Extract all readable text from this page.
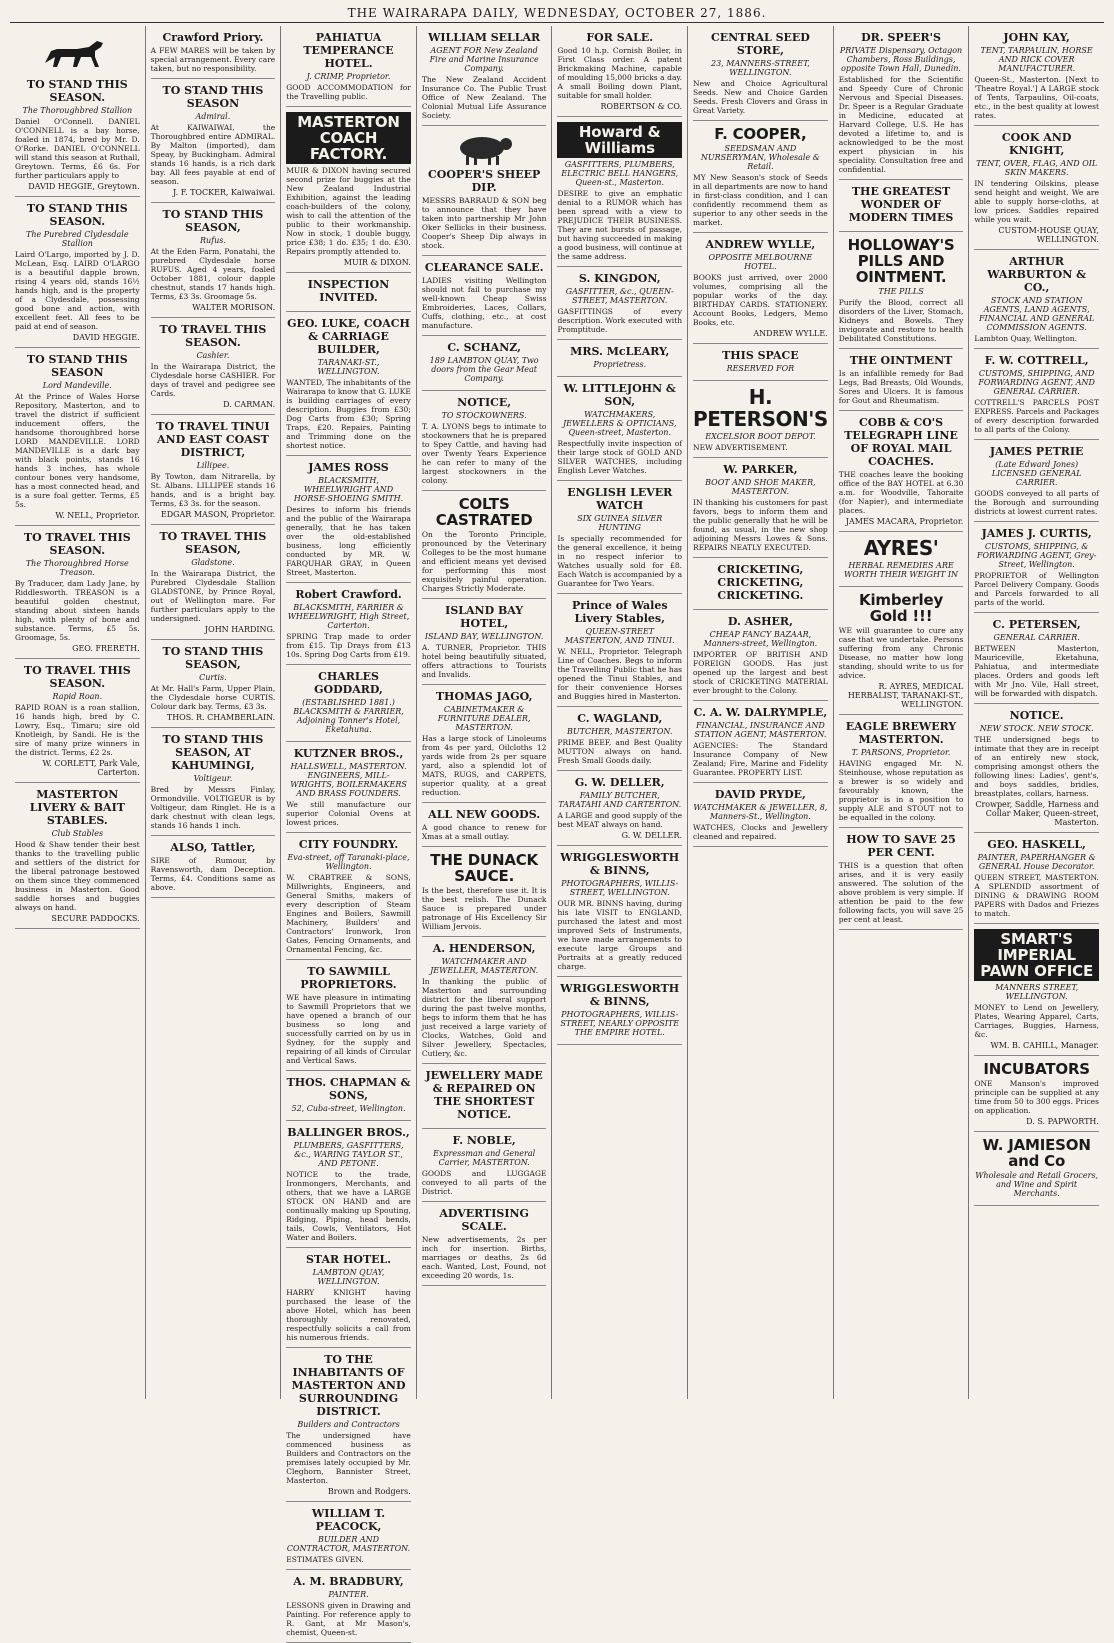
THE WAIRARAPA DAILY, WEDNESDAY, OCTOBER 27, 1886.
TO STAND THIS SEASON.
The Thoroughbred Stallion
Daniel O'Connell. DANIEL O'CONNELL is a bay horse, foaled in 1874, bred by Mr. D. O'Rorke. DANIEL O'CONNELL will stand this season at Ruthall, Greytown. Terms, £6 6s. For further particulars apply to
DAVID HEGGIE, Greytown.
TO STAND THIS SEASON.
The Purebred Clydesdale Stallion
Laird O'Largo, imported by J. D. McLean, Esq. LAIRD O'LARGO is a beautiful dapple brown, rising 4 years old, stands 16½ hands high, and is the property of a Clydesdale, possessing good bone and action, with excellent feet. All fees to be paid at end of season.
DAVID HEGGIE.
TO STAND THIS SEASON
Lord Mandeville.
At the Prince of Wales Horse Repository, Masterton, and to travel the district if sufficient inducement offers, the handsome thoroughbred horse LORD MANDEVILLE. LORD MANDEVILLE is a dark bay with black points, stands 16 hands 3 inches, has whole contour bones very handsome, has a most connected head, and is a sure foal getter. Terms, £5 5s.
W. NELL, Proprietor.
TO TRAVEL THIS SEASON.
The Thoroughbred Horse Treason.
By Traducer, dam Lady Jane, by Riddlesworth. TREASON is a beautiful golden chestnut, standing about sixteen hands high, with plenty of bone and substance. Terms, £5 5s. Groomage, 5s.
GEO. FRERETH.
TO TRAVEL THIS SEASON.
Rapid Roan.
RAPID ROAN is a roan stallion, 16 hands high, bred by C. Lowry, Esq., Timaru; sire old Knotleigh, by Sandi. He is the sire of many prize winners in the district. Terms, £2 2s.
W. CORLETT, Park Vale, Carterton.
MASTERTON LIVERY & BAIT STABLES.
Club Stables
Hood & Shaw tender their best thanks to the travelling public and settlers of the district for the liberal patronage bestowed on them since they commenced business in Masterton. Good saddle horses and buggies always on hand.
SECURE PADDOCKS.
Crawford Priory.
A FEW MARES will be taken by special arrangement. Every care taken, but no responsibility.
TO STAND THIS SEASON
Admiral.
At KAIWAIWAI, the Thoroughbred entire ADMIRAL. By Malton (imported), dam Speay, by Buckingham. Admiral stands 16 hands, is a rich dark bay. All fees payable at end of season.
J. F. TOCKER, Kaiwaiwai.
TO STAND THIS SEASON,
Rufus.
At the Eden Farm, Ponatahi, the purebred Clydesdale horse RUFUS. Aged 4 years, foaled October 1881, colour dapple chestnut, stands 17 hands high. Terms, £3 3s. Groomage 5s.
WALTER MORISON.
TO TRAVEL THIS SEASON.
Cashier.
In the Wairarapa District, the Clydesdale horse CASHIER. For days of travel and pedigree see Cards.
D. CARMAN.
TO TRAVEL TINUI AND EAST COAST DISTRICT,
Lillipee.
By Towton, dam Nitrarella, by St. Albans. LILLIPEE stands 16 hands, and is a bright bay. Terms, £3 3s. for the season.
EDGAR MASON, Proprietor.
TO TRAVEL THIS SEASON,
Gladstone.
In the Wairarapa District, the Purebred Clydesdale Stallion GLADSTONE, by Prince Royal, out of Wellington mare. For further particulars apply to the undersigned.
JOHN HARDING.
TO STAND THIS SEASON,
Curtis.
At Mr. Hall's Farm, Upper Plain, the Clydesdale horse CURTIS. Colour dark bay. Terms, £3 3s.
THOS. R. CHAMBERLAIN.
TO STAND THIS SEASON, AT KAHUMINGI,
Voltigeur.
Bred by Messrs Finlay, Ormondville. VOLTIGEUR is by Voltigeur, dam Ringlet. He is a dark chestnut with clean legs, stands 16 hands 1 inch.
ALSO, Tattler,
SIRE of Rumour, by Ravensworth, dam Deception. Terms, £4. Conditions same as above.
PAHIATUA TEMPERANCE HOTEL.
J. CRIMP, Proprietor.
GOOD ACCOMMODATION for the Travelling public.
MASTERTON COACH FACTORY.
MUIR & DIXON having secured second prize for buggies at the New Zealand Industrial Exhibition, against the leading coach-builders of the colony, wish to call the attention of the public to their workmanship. Now in stock, 1 double buggy, price £38; 1 do. £35; 1 do. £30. Repairs promptly attended to.
MUIR & DIXON.
INSPECTION INVITED.
GEO. LUKE, COACH & CARRIAGE BUILDER,
TARANAKI-ST., WELLINGTON.
WANTED, The inhabitants of the Wairarapa to know that G. LUKE is building carriages of every description. Buggies from £30; Dog Carts from £30; Spring Traps, £20. Repairs, Painting and Trimming done on the shortest notice.
JAMES ROSS
BLACKSMITH, WHEELWRIGHT AND HORSE-SHOEING SMITH.
Desires to inform his friends and the public of the Wairarapa generally, that he has taken over the old-established business, long efficiently conducted by MR. W. FARQUHAR GRAY, in Queen Street, Masterton.
Robert Crawford.
BLACKSMITH, FARRIER & WHEELWRIGHT, High Street, Carterton.
SPRING Trap made to order from £15. Tip Drays from £13 10s. Spring Dog Carts from £19.
CHARLES GODDARD,
(ESTABLISHED 1881.) BLACKSMITH & FARRIER, Adjoining Tonner's Hotel, Eketahuna.
KUTZNER BROS.,
HALLSWELL, MASTERTON. ENGINEERS, MILL-WRIGHTS, BOILERMAKERS AND BRASS FOUNDERS.
We still manufacture our superior Colonial Ovens at lowest prices.
CITY FOUNDRY.
Eva-street, off Taranaki-place, Wellington.
W. CRABTREE & SONS, Millwrights, Engineers, and General Smiths, makers of every description of Steam Engines and Boilers, Sawmill Machinery, Builders' and Contractors' Ironwork, Iron Gates, Fencing Ornaments, and Ornamental Fencing, &c.
TO SAWMILL PROPRIETORS.
WE have pleasure in intimating to Sawmill Proprietors that we have opened a branch of our business so long and successfully carried on by us in Sydney, for the supply and repairing of all kinds of Circular and Vertical Saws.
THOS. CHAPMAN & SONS,
52, Cuba-street, Wellington.
BALLINGER BROS.,
PLUMBERS, GASFITTERS, &c., WARING TAYLOR ST., AND PETONE.
NOTICE to the trade, Ironmongers, Merchants, and others, that we have a LARGE STOCK ON HAND and are continually making up Spouting, Ridging, Piping, head bends, tails, Cowls, Ventilators, Hot Water and Boilers.
STAR HOTEL.
LAMBTON QUAY, WELLINGTON.
HARRY KNIGHT having purchased the lease of the above Hotel, which has been thoroughly renovated, respectfully solicits a call from his numerous friends.
TO THE INHABITANTS OF MASTERTON AND SURROUNDING DISTRICT.
Builders and Contractors
The undersigned have commenced business as Builders and Contractors on the premises lately occupied by Mr. Cleghorn, Bannister Street, Masterton.
Brown and Rodgers.
WILLIAM T. PEACOCK,
BUILDER AND CONTRACTOR, MASTERTON.
ESTIMATES GIVEN.
A. M. BRADBURY,
PAINTER.
LESSONS given in Drawing and Painting. For reference apply to R. Gant, at Mr Mason's, chemist, Queen-st.
WILLIAM SELLAR
AGENT FOR New Zealand Fire and Marine Insurance Company.
The New Zealand Accident Insurance Co. The Public Trust Office of New Zealand. The Colonial Mutual Life Assurance Society.
COOPER'S SHEEP DIP.
MESSRS BARRAUD & SON beg to announce that they have taken into partnership Mr John Oker Sellicks in their business. Cooper's Sheep Dip always in stock.
CLEARANCE SALE.
LADIES visiting Wellington should not fail to purchase my well-known Cheap Swiss Embroideries, Laces, Collars, Cuffs, clothing, etc., at cost manufacture.
C. SCHANZ,
189 LAMBTON QUAY, Two doors from the Gear Meat Company.
NOTICE,
TO STOCKOWNERS.
T. A. LYONS begs to intimate to stockowners that he is prepared to Spey Cattle, and having had over Twenty Years Experience he can refer to many of the largest stockowners in the colony.
COLTS CASTRATED
On the Toronto Principle, pronounced by the Veterinary Colleges to be the most humane and efficient means yet devised for performing this most exquisitely painful operation. Charges Strictly Moderate.
ISLAND BAY HOTEL,
ISLAND BAY, WELLINGTON.
A. TURNER, Proprietor. THIS hotel being beautifully situated, offers attractions to Tourists and Invalids.
THOMAS JAGO,
CABINETMAKER & FURNITURE DEALER, MASTERTON.
Has a large stock of Linoleums from 4s per yard, Oilcloths 12 yards wide from 2s per square yard, also a splendid lot of MATS, RUGS, and CARPETS, superior quality, at a great reduction.
ALL NEW GOODS.
A good chance to renew for Xmas at a small outlay.
THE DUNACK SAUCE.
Is the best, therefore use it. It is the best relish. The Dunack Sauce is prepared under patronage of His Excellency Sir William Jervois.
A. HENDERSON,
WATCHMAKER AND JEWELLER, MASTERTON.
In thanking the public of Masterton and surrounding district for the liberal support during the past twelve months, begs to inform them that he has just received a large variety of Clocks, Watches, Gold and Silver Jewellery, Spectacles, Cutlery, &c.
JEWELLERY MADE & REPAIRED ON THE SHORTEST NOTICE.
F. NOBLE,
Expressman and General Carrier, MASTERTON.
GOODS and LUGGAGE conveyed to all parts of the District.
ADVERTISING SCALE.
New advertisements, 2s per inch for insertion. Births, marriages or deaths, 2s 6d each. Wanted, Lost, Found, not exceeding 20 words, 1s.
FOR SALE.
Good 10 h.p. Cornish Boiler, in First Class order. A patent Brickmaking Machine, capable of moulding 15,000 bricks a day. A small Boiling down Plant, suitable for small holder.
ROBERTSON & CO.
Howard & Williams
GASFITTERS, PLUMBERS, ELECTRIC BELL HANGERS, Queen-st., Masterton.
DESIRE to give an emphatic denial to a RUMOR which has been spread with a view to PREJUDICE THEIR BUSINESS. They are not bursts of passage, but having succeeded in making a good business, will continue at the same address.
S. KINGDON,
GASFITTER, &c., QUEEN-STREET, MASTERTON.
GASFITTINGS of every description. Work executed with Promptitude.
MRS. McLEARY,
Proprietress.
W. LITTLEJOHN & SON,
WATCHMAKERS, JEWELLERS & OPTICIANS, Queen-street, Masterton.
Respectfully invite inspection of their large stock of GOLD AND SILVER WATCHES, including English Lever Watches.
ENGLISH LEVER WATCH
SIX GUINEA SILVER HUNTING
Is specially recommended for the general excellence, it being in no respect inferior to Watches usually sold for £8. Each Watch is accompanied by a Guarantee for Two Years.
Prince of Wales Livery Stables,
QUEEN-STREET MASTERTON, AND TINUI.
W. NELL, Proprietor. Telegraph Line of Coaches. Begs to inform the Travelling Public that he has opened the Tinui Stables, and for their convenience Horses and Buggies hired in Masterton.
C. WAGLAND,
BUTCHER, MASTERTON.
PRIME BEEF, and Best Quality MUTTON always on hand. Fresh Small Goods daily.
G. W. DELLER,
FAMILY BUTCHER, TARATAHI AND CARTERTON.
A LARGE and good supply of the best MEAT always on hand.
G. W. DELLER.
WRIGGLESWORTH & BINNS,
PHOTOGRAPHERS, WILLIS-STREET, WELLINGTON.
OUR MR. BINNS having, during his late VISIT to ENGLAND, purchased the latest and most improved Sets of Instruments, we have made arrangements to execute large Groups and Portraits at a greatly reduced charge.
WRIGGLESWORTH & BINNS,
PHOTOGRAPHERS, WILLIS-STREET, NEARLY OPPOSITE THE EMPIRE HOTEL.
CENTRAL SEED STORE,
23, MANNERS-STREET, WELLINGTON.
New and Choice Agricultural Seeds. New and Choice Garden Seeds. Fresh Clovers and Grass in Great Variety.
F. COOPER,
SEEDSMAN AND NURSERYMAN, Wholesale & Retail.
MY New Season's stock of Seeds in all departments are now to hand in first-class condition, and I can confidently recommend them as superior to any other seeds in the market.
ANDREW WYLLE,
OPPOSITE MELBOURNE HOTEL.
BOOKS just arrived, over 2000 volumes, comprising all the popular works of the day. BIRTHDAY CARDS. STATIONERY. Account Books, Ledgers, Memo Books, etc.
ANDREW WYLLE.
THIS SPACE
RESERVED FOR
H. PETERSON'S
EXCELSIOR BOOT DEPOT.
NEW ADVERTISEMENT.
W. PARKER,
BOOT AND SHOE MAKER, MASTERTON.
IN thanking his customers for past favors, begs to inform them and the public generally that he will be found, as usual, in the new shop adjoining Messrs Lowes & Sons. REPAIRS NEATLY EXECUTED.
CRICKETING, CRICKETING, CRICKETING.
D. ASHER,
CHEAP FANCY BAZAAR, Manners-street, Wellington.
IMPORTER OF BRITISH AND FOREIGN GOODS. Has just opened up the largest and best stock of CRICKETING MATERIAL ever brought to the Colony.
C. A. W. DALRYMPLE,
FINANCIAL, INSURANCE AND STATION AGENT, MASTERTON.
AGENCIES: The Standard Insurance Company of New Zealand; Fire, Marine and Fidelity Guarantee. PROPERTY LIST.
DAVID PRYDE,
WATCHMAKER & JEWELLER, 8, Manners-St., Wellington.
WATCHES, Clocks and Jewellery cleaned and repaired.
DR. SPEER'S
PRIVATE Dispensary, Octagon Chambers, Ross Buildings, opposite Town Hall, Dunedin.
Established for the Scientific and Speedy Cure of Chronic Nervous and Special Diseases. Dr. Speer is a Regular Graduate in Medicine, educated at Harvard College, U.S. He has devoted a lifetime to, and is acknowledged to be the most expert physician in his speciality. Consultation free and confidential.
THE GREATEST WONDER OF MODERN TIMES
HOLLOWAY'S PILLS AND OINTMENT.
THE PILLS
Purify the Blood, correct all disorders of the Liver, Stomach, Kidneys and Bowels. They invigorate and restore to health Debilitated Constitutions.
THE OINTMENT
Is an infallible remedy for Bad Legs, Bad Breasts, Old Wounds, Sores and Ulcers. It is famous for Gout and Rheumatism.
COBB & CO'S TELEGRAPH LINE OF ROYAL MAIL COACHES.
THE coaches leave the booking office of the BAY HOTEL at 6.30 a.m. for Woodville, Tahoraite (for Napier), and intermediate places.
JAMES MACARA, Proprietor.
AYRES'
HERBAL REMEDIES ARE WORTH THEIR WEIGHT IN
Kimberley Gold !!!
WE will guarantee to cure any case that we undertake. Persons suffering from any Chronic Disease, no matter how long standing, should write to us for advice.
R. AYRES, MEDICAL HERBALIST, TARANAKI-ST., WELLINGTON.
EAGLE BREWERY MASTERTON.
T. PARSONS, Proprietor.
HAVING engaged Mr. N. Steinhouse, whose reputation as a brewer is so widely and favourably known, the proprietor is in a position to supply ALE and STOUT not to be equalled in the colony.
HOW TO SAVE 25 PER CENT.
THIS is a question that often arises, and it is very easily answered. The solution of the above problem is very simple. If attention be paid to the few following facts, you will save 25 per cent at least.
JOHN KAY,
TENT, TARPAULIN, HORSE AND RICK COVER MANUFACTURER.
Queen-St., Masterton. [Next to 'Theatre Royal.'] A LARGE stock of Tents, Tarpaulins, Oil-coats, etc., in the best quality at lowest rates.
COOK AND KNIGHT,
TENT, OVER, FLAG, AND OIL SKIN MAKERS.
IN tendering Oilskins, please send height and weight. We are able to supply horse-cloths, at low prices. Saddles repaired while you wait.
CUSTOM-HOUSE QUAY, WELLINGTON.
ARTHUR WARBURTON & CO.,
STOCK AND STATION AGENTS, LAND AGENTS, FINANCIAL AND GENERAL COMMISSION AGENTS.
Lambton Quay, Wellington.
F. W. COTTRELL,
CUSTOMS, SHIPPING, AND FORWARDING AGENT, AND GENERAL CARRIER.
COTTRELL'S PARCELS POST EXPRESS. Parcels and Packages of every description forwarded to all parts of the Colony.
JAMES PETRIE
(Late Edward Jones) LICENSED GENERAL CARRIER.
GOODS conveyed to all parts of the Borough and surrounding districts at lowest current rates.
JAMES J. CURTIS,
CUSTOMS, SHIPPING, & FORWARDING AGENT, Grey-Street, Wellington.
PROPRIETOR of Wellington Parcel Delivery Company. Goods and Parcels forwarded to all parts of the world.
C. PETERSEN,
GENERAL CARRIER.
BETWEEN Masterton, Mauriceville, Eketahuna, Pahiatua, and intermediate places. Orders and goods left with Mr Jno. Vile, Hall street, will be forwarded with dispatch.
NOTICE.
NEW STOCK. NEW STOCK.
THE undersigned begs to intimate that they are in receipt of an entirely new stock, comprising amongst others the following lines: Ladies', gent's, and boys saddles, bridles, breastplates, collars, harness.
Crowper, Saddle, Harness and Collar Maker, Queen-street, Masterton.
GEO. HASKELL,
PAINTER, PAPERHANGER & GENERAL House Decorator.
QUEEN STREET, MASTERTON. A SPLENDID assortment of DINING & DRAWING ROOM PAPERS with Dados and Friezes to match.
SMART'S IMPERIAL PAWN OFFICE
MANNERS STREET, WELLINGTON.
MONEY to Lend on Jewellery, Plates, Wearing Apparel, Carts, Carriages, Buggies, Harness, &c.
WM. B. CAHILL, Manager.
INCUBATORS
ONE Manson's improved principle can be supplied at any time from 50 to 300 eggs. Prices on application.
D. S. PAPWORTH.
W. JAMIESON and Co
Wholesale and Retail Grocers, and Wine and Spirit Merchants.
